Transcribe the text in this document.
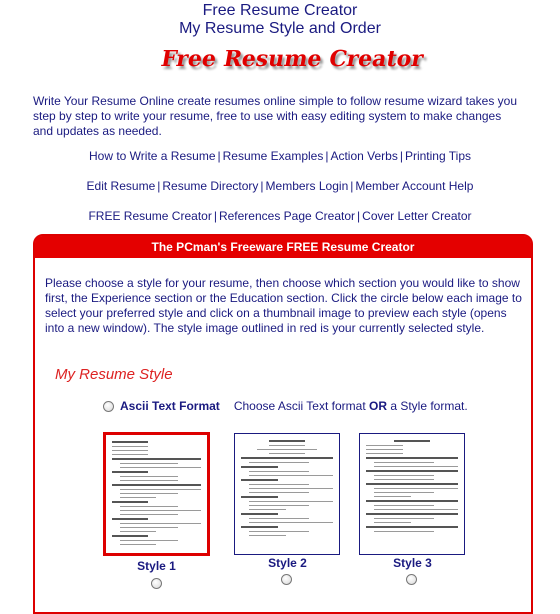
Free Resume Creator
My Resume Style and Order
Free Resume Creator
Write Your Resume Online create resumes online simple to follow resume wizard takes you step by step to write your resume, free to use with easy editing system to make changes and updates as needed.
How to Write a Resume | Resume Examples | Action Verbs | Printing Tips
Edit Resume | Resume Directory | Members Login | Member Account Help
FREE Resume Creator | References Page Creator | Cover Letter Creator
The PCman's Freeware FREE Resume Creator
Please choose a style for your resume, then choose which section you would like to show first, the Experience section or the Education section. Click the circle below each image to select your preferred style and click on a thumbnail image to preview each style (opens into a new window). The style image outlined in red is your currently selected style.
My Resume Style
Ascii Text Format Choose Ascii Text format OR a Style format.
Style 1	Style 2	Style 3
